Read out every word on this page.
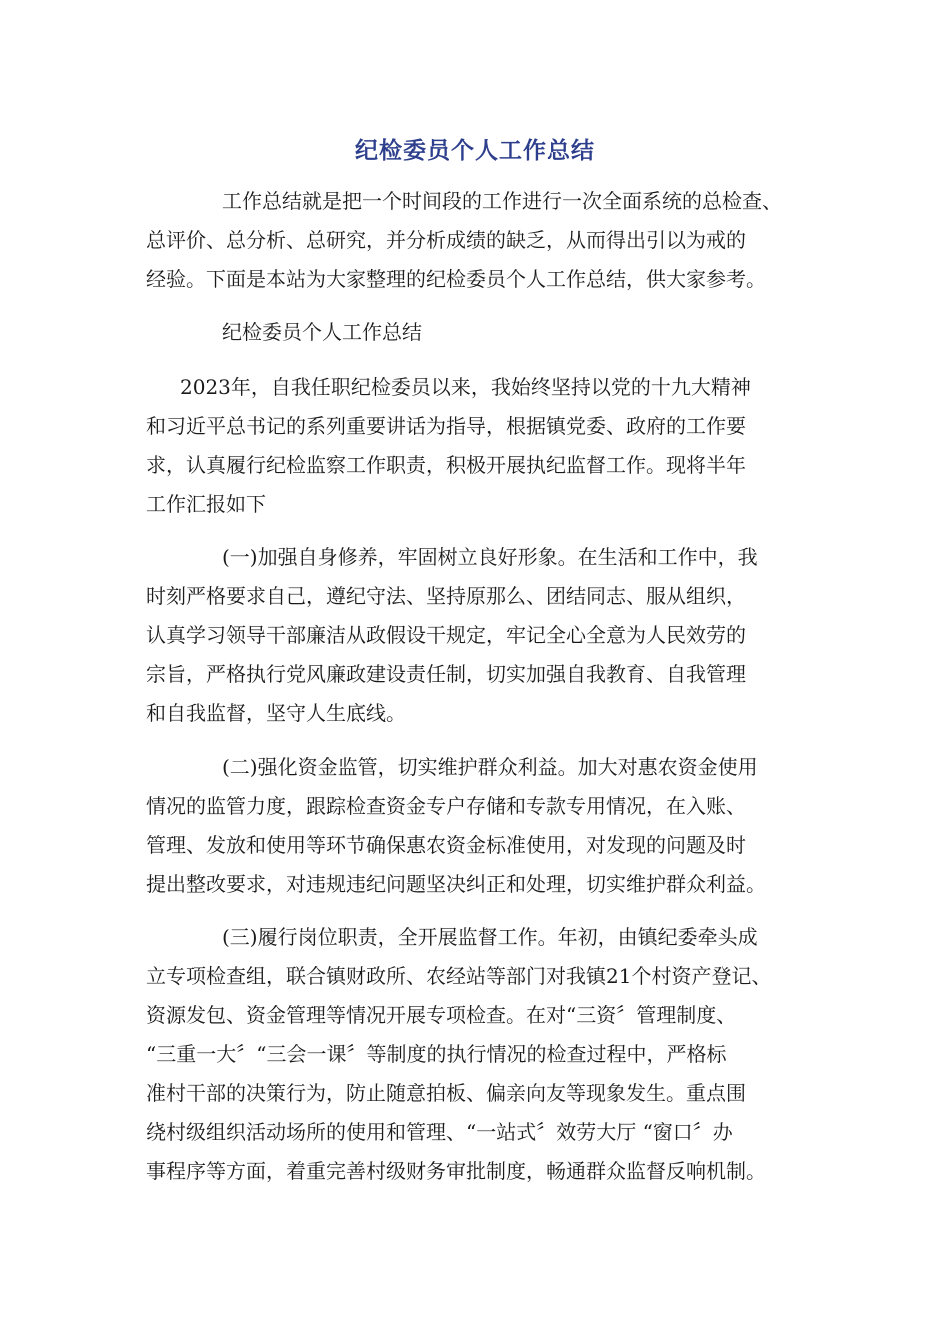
纪检委员个人工作总结
工作总结就是把一个时间段的工作进行一次全面系统的总检查、
总评价、总分析、总研究，并分析成绩的缺乏，从而得出引以为戒的
经验。下面是本站为大家整理的纪检委员个人工作总结，供大家参考。
纪检委员个人工作总结
2023年，自我任职纪检委员以来，我始终坚持以党的十九大精神
和习近平总书记的系列重要讲话为指导，根据镇党委、政府的工作要
求，认真履行纪检监察工作职责，积极开展执纪监督工作。现将半年
工作汇报如下
(一)加强自身修养，牢固树立良好形象。在生活和工作中，我
时刻严格要求自己，遵纪守法、坚持原那么、团结同志、服从组织，
认真学习领导干部廉洁从政假设干规定，牢记全心全意为人民效劳的
宗旨，严格执行党风廉政建设责任制，切实加强自我教育、自我管理
和自我监督，坚守人生底线。
(二)强化资金监管，切实维护群众利益。加大对惠农资金使用
情况的监管力度，跟踪检查资金专户存储和专款专用情况，在入账、
管理、发放和使用等环节确保惠农资金标准使用，对发现的问题及时
提出整改要求，对违规违纪问题坚决纠正和处理，切实维护群众利益。
(三)履行岗位职责，全开展监督工作。年初，由镇纪委牵头成
立专项检查组，联合镇财政所、农经站等部门对我镇21个村资产登记、
资源发包、资金管理等情况开展专项检查。在对“三资〞管理制度、
“三重一大〞“三会一课〞等制度的执行情况的检查过程中，严格标
准村干部的决策行为，防止随意拍板、偏亲向友等现象发生。重点围
绕村级组织活动场所的使用和管理、“一站式〞效劳大厅 “窗口〞办
事程序等方面，着重完善村级财务审批制度，畅通群众监督反响机制。
